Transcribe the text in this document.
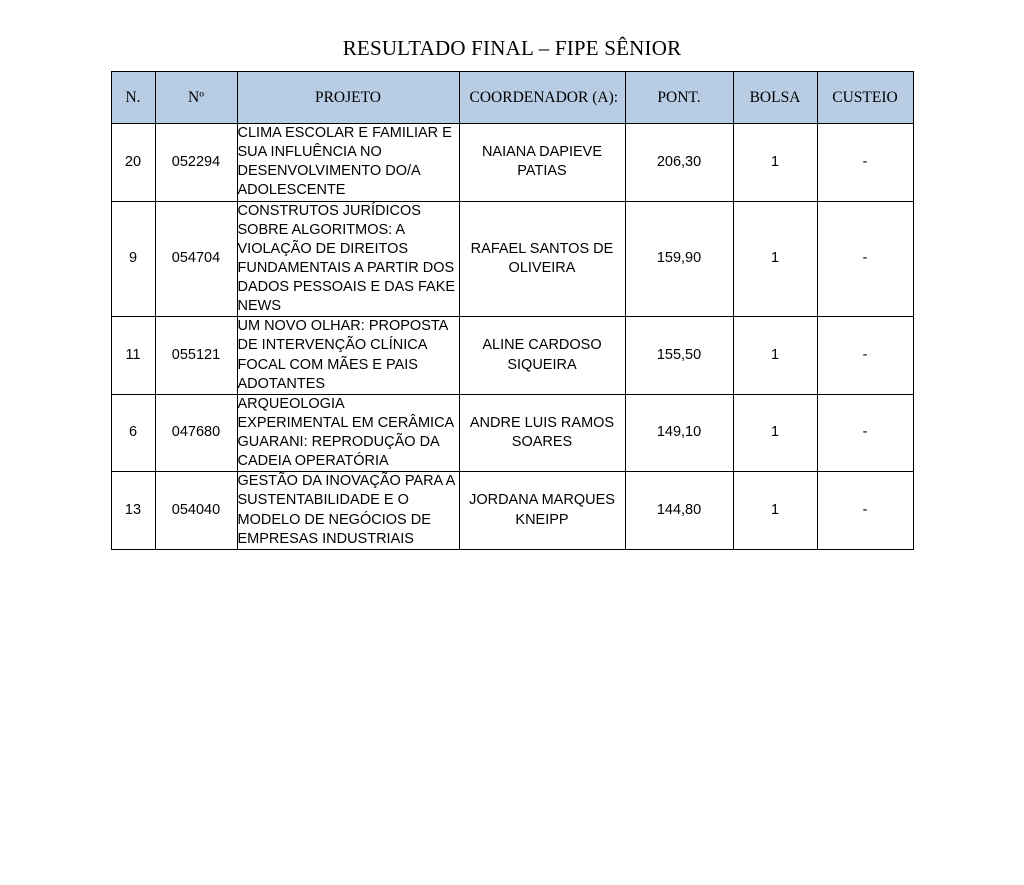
RESULTADO FINAL – FIPE SÊNIOR
N.	Nº	PROJETO	COORDENADOR (A):	PONT.	BOLSA	CUSTEIO
20	052294	CLIMA ESCOLAR E FAMILIAR E SUA INFLUÊNCIA NO DESENVOLVIMENTO DO/A ADOLESCENTE	NAIANA DAPIEVE PATIAS	206,30	1	-
9	054704	CONSTRUTOS JURÍDICOS SOBRE ALGORITMOS: A VIOLAÇÃO DE DIREITOS FUNDAMENTAIS A PARTIR DOS DADOS PESSOAIS E DAS FAKE NEWS	RAFAEL SANTOS DE OLIVEIRA	159,90	1	-
11	055121	UM NOVO OLHAR: PROPOSTA DE INTERVENÇÃO CLÍNICA FOCAL COM MÃES E PAIS ADOTANTES	ALINE CARDOSO SIQUEIRA	155,50	1	-
6	047680	ARQUEOLOGIA EXPERIMENTAL EM CERÂMICA GUARANI: REPRODUÇÃO DA CADEIA OPERATÓRIA	ANDRE LUIS RAMOS SOARES	149,10	1	-
13	054040	GESTÃO DA INOVAÇÃO PARA A SUSTENTABILIDADE E O MODELO DE NEGÓCIOS DE EMPRESAS INDUSTRIAIS	JORDANA MARQUES KNEIPP	144,80	1	-
